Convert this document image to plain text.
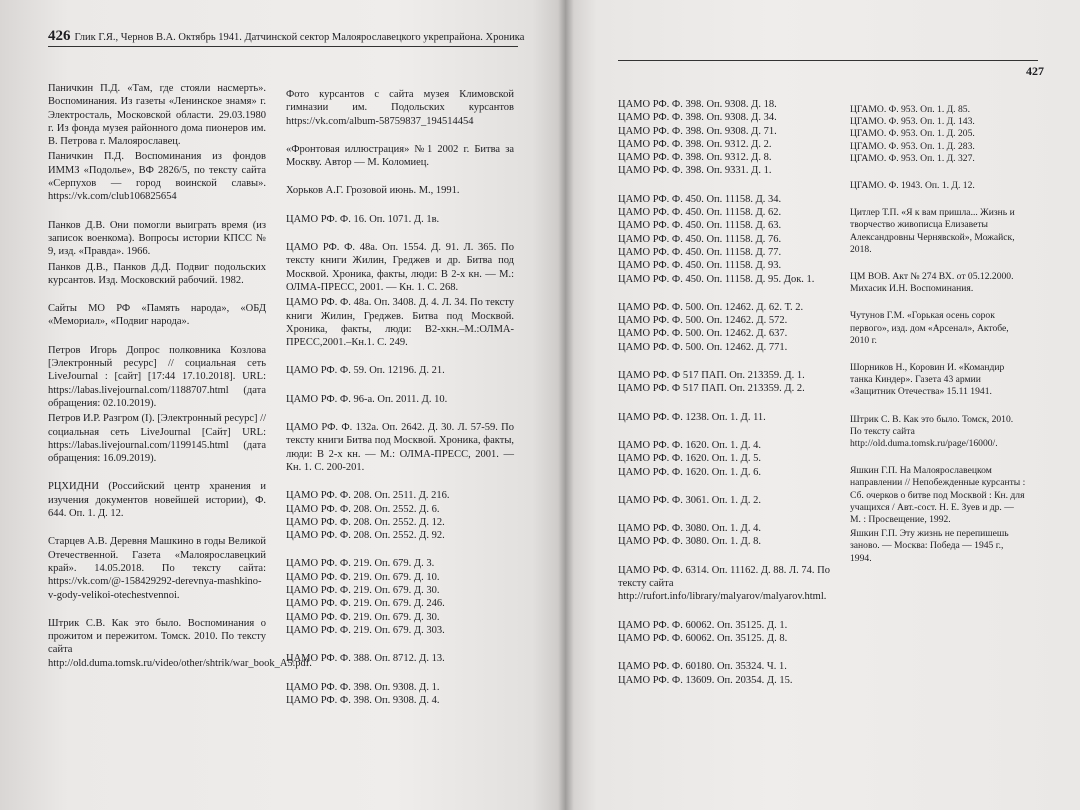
426 Глик Г.Я., Чернов В.А. Октябрь 1941. Датчинской сектор Малоярославецкого укрепрайона. Хроника

Паничкин П.Д. «Там, где стояли насмерть». Воспоминания. Из газеты «Ленинское знамя» г. Электросталь, Московской области. 29.03.1980 г. Из фонда музея районного дома пионеров им. В. Петрова г. Малоярославец.

Паничкин П.Д. Воспоминания из фондов ИММЗ «Подольe», ВФ 2826/5, по тексту сайта «Серпухов — город воинской славы». https://vk.com/club106825654

Панков Д.В. Они помогли выиграть время (из записок военкома). Вопросы истории КПСС № 9, изд. «Правда». 1966.

Панков Д.В., Панков Д.Д. Подвиг подольских курсантов. Изд. Московский рабочий. 1982.

Сайты МО РФ «Память народа», «ОБД «Мемориал», «Подвиг народа».

Петров Игорь Допрос полковника Козлова [Электронный ресурс] // социальная сеть LiveJournal : [сайт] [17:44 17.10.2018]. URL: https://labas.livejournal.com/1188707.html (дата обращения: 02.10.2019).

Петров И.Р. Разгром (I). [Электронный ресурс] // социальная сеть LiveJournal [Сайт] URL: https://labas.livejournal.com/1199145.html (дата обращения: 16.09.2019).

РЦХИДНИ (Российский центр хранения и изучения документов новейшей истории), Ф. 644. Оп. 1. Д. 12.

Старцев А.В. Деревня Машкино в годы Великой Отечественной. Газета «Малоярославецкий край». 14.05.2018. По тексту сайта: https://vk.com/@-158429292-derevnya-mashkino-v-gody-velikoi-otechestvennoi.

Штрик С.В. Как это было. Воспоминания о прожитом и пережитом. Томск. 2010. По тексту сайта http://old.duma.tomsk.ru/video/other/shtrik/war_book_A5.pdf.

Фото курсантов с сайта музея Климовской гимназии им. Подольских курсантов https://vk.com/album-58759837_194514454

«Фронтовая иллюстрация» №1 2002 г. Битва за Москву. Автор — М. Коломиец.

Хорьков А.Г. Грозовой июнь. М., 1991.

ЦАМО РФ. Ф. 16. Оп. 1071. Д. 1в.

ЦАМО РФ. Ф. 48а. Оп. 1554. Д. 91. Л. 365. По тексту книги Жилин, Греджев и др. Битва под Москвой. Хроника, факты, люди: В 2-х кн. — М.: ОЛМА-ПРЕСС, 2001. — Кн. 1. С. 268.

ЦАМО РФ. Ф. 48а. Оп. 3408. Д. 4. Л. 34. По тексту книги Жилин, Греджев. Битва под Москвой. Хроника, факты, люди: В2-хкн.–М.:ОЛМА-ПРЕСС,2001.–Кн.1. С. 249.

ЦАМО РФ. Ф. 59. Оп. 12196. Д. 21.

ЦАМО РФ. Ф. 96-а. Оп. 2011. Д. 10.

ЦАМО РФ. Ф. 132а. Оп. 2642. Д. 30. Л. 57-59. По тексту книги Битва под Москвой. Хроника, факты, люди: В 2-х кн. — М.: ОЛМА-ПРЕСС, 2001. — Кн. 1. С. 200-201.

ЦАМО РФ. Ф. 208. Оп. 2511. Д. 216.
ЦАМО РФ. Ф. 208. Оп. 2552. Д. 6.
ЦАМО РФ. Ф. 208. Оп. 2552. Д. 12.
ЦАМО РФ. Ф. 208. Оп. 2552. Д. 92.

ЦАМО РФ. Ф. 219. Оп. 679. Д. 3.
ЦАМО РФ. Ф. 219. Оп. 679. Д. 10.
ЦАМО РФ. Ф. 219. Оп. 679. Д. 30.
ЦАМО РФ. Ф. 219. Оп. 679. Д. 246.
ЦАМО РФ. Ф. 219. Оп. 679. Д. 30.
ЦАМО РФ. Ф. 219. Оп. 679. Д. 303.

ЦАМО РФ. Ф. 388. Оп. 8712. Д. 13.

ЦАМО РФ. Ф. 398. Оп. 9308. Д. 1.
ЦАМО РФ. Ф. 398. Оп. 9308. Д. 4.

427

ЦАМО РФ. Ф. 398. Оп. 9308. Д. 18.
ЦАМО РФ. Ф. 398. Оп. 9308. Д. 34.
ЦАМО РФ. Ф. 398. Оп. 9308. Д. 71.
ЦАМО РФ. Ф. 398. Оп. 9312. Д. 2.
ЦАМО РФ. Ф. 398. Оп. 9312. Д. 8.
ЦАМО РФ. Ф. 398. Оп. 9331. Д. 1.

ЦАМО РФ. Ф. 450. Оп. 11158. Д. 34.
ЦАМО РФ. Ф. 450. Оп. 11158. Д. 62.
ЦАМО РФ. Ф. 450. Оп. 11158. Д. 63.
ЦАМО РФ. Ф. 450. Оп. 11158. Д. 76.
ЦАМО РФ. Ф. 450. Оп. 11158. Д. 77.
ЦАМО РФ. Ф. 450. Оп. 11158. Д. 93.
ЦАМО РФ. Ф. 450. Оп. 11158. Д. 95. Док. 1.

ЦАМО РФ. Ф. 500. Оп. 12462. Д. 62. Т. 2.
ЦАМО РФ. Ф. 500. Оп. 12462. Д. 572.
ЦАМО РФ. Ф. 500. Оп. 12462. Д. 637.
ЦАМО РФ. Ф. 500. Оп. 12462. Д. 771.

ЦАМО РФ. Ф 517 ПАП. Оп. 213359. Д. 1.
ЦАМО РФ. Ф 517 ПАП. Оп. 213359. Д. 2.

ЦАМО РФ. Ф. 1238. Оп. 1. Д. 11.

ЦАМО РФ. Ф. 1620. Оп. 1. Д. 4.
ЦАМО РФ. Ф. 1620. Оп. 1. Д. 5.
ЦАМО РФ. Ф. 1620. Оп. 1. Д. 6.

ЦАМО РФ. Ф. 3061. Оп. 1. Д. 2.

ЦАМО РФ. Ф. 3080. Оп. 1. Д. 4.
ЦАМО РФ. Ф. 3080. Оп. 1. Д. 8.

ЦАМО РФ. Ф. 6314. Оп. 11162. Д. 88. Л. 74. По тексту сайта http://rufort.info/library/malyarov/malyarov.html.

ЦАМО РФ. Ф. 60062. Оп. 35125. Д. 1.
ЦАМО РФ. Ф. 60062. Оп. 35125. Д. 8.

ЦАМО РФ. Ф. 60180. Оп. 35324. Ч. 1.
ЦАМО РФ. Ф. 13609. Оп. 20354. Д. 15.

ЦГАМО. Ф. 953. Оп. 1. Д. 85.
ЦГАМО. Ф. 953. Оп. 1. Д. 143.
ЦГАМО. Ф. 953. Оп. 1. Д. 205.
ЦГАМО. Ф. 953. Оп. 1. Д. 283.
ЦГАМО. Ф. 953. Оп. 1. Д. 327.

ЦГАМО. Ф. 1943. Оп. 1. Д. 12.

Цитлер Т.П. «Я к вам пришла... Жизнь и творчество живописца Елизаветы Александровны Чернявской», Можайск, 2018.

ЦМ ВОВ. Акт № 274 ВХ. от 05.12.2000. Михасик И.Н. Воспоминания.

Чутунов Г.М. «Горькая осень сорок первого», изд. дом «Арсенал», Актобе, 2010 г.

Шорников Н., Коровин И. «Командир танка Киндер». Газета 43 армии «Защитник Отечества» 15.11 1941.

Штрик С. В. Как это было. Томск, 2010. По тексту сайта http://old.duma.tomsk.ru/page/16000/.

Яшкин Г.П. На Малоярославецком направлении // Непобежденные курсанты : Сб. очерков о битве под Москвой : Кн. для учащихся / Авт.-сост. Н. Е. Зуев и др. — М. : Просвещение, 1992.

Яшкин Г.П. Эту жизнь не перепишешь заново. — Москва: Победа — 1945 г., 1994.
